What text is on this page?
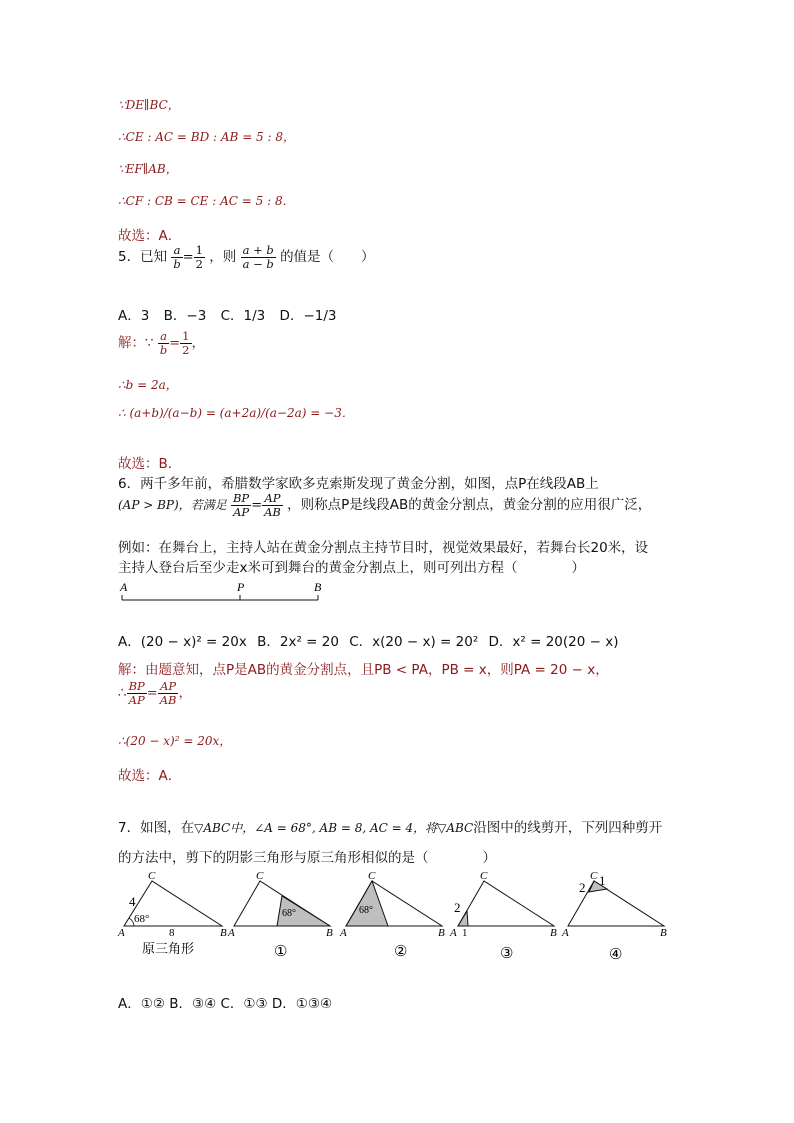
∵DE∥BC，
∴CE : AC = BD : AB = 5 : 8，
∵EF∥AB，
∴CF : CB = CE : AC = 5 : 8．
故选：A．
5．已知 $\frac{a}{b} = \frac{1}{2}$ ，则 $\frac{a + b}{a - b}$ 的值是（　　）
A．3 B．−3 C．1/3 D．−1/3
解：∵ $\frac{a}{b} = \frac{1}{2}$ ，
∴b = 2a，
∴ (a+b)/(a−b) = (a+2a)/(a−2a) = −3．
故选：B．
6．两千多年前，希腊数学家欧多克索斯发现了黄金分割，如图，点P在线段AB上
(AP > BP)，若满足 $\frac{BP}{AP} = \frac{AP}{AB}$ ，则称点P是线段AB的黄金分割点，黄金分割的应用很广泛，
例如：在舞台上，主持人站在黄金分割点主持节目时，视觉效果最好，若舞台长20米，设
主持人登台后至少走x米可到舞台的黄金分割点上，则可列出方程（　　　　）
A	P	B
A．(20 − x)² = 20x B．2x² = 20 C．x(20 − x) = 20² D．x² = 20(20 − x)
解：由题意知，点P是AB的黄金分割点，且PB < PA，PB = x，则PA = 20 − x，
∴ $\frac{BP}{AP} = \frac{AP}{AB}$ ，
∴(20 − x)² = 20x，
故选：A．
7．如图，在▽ABC中，∠A = 68°, AB = 8, AC = 4，将▽ABC沿图中的线剪开，下列四种剪开
的方法中，剪下的阴影三角形与原三角形相似的是（　　　　）
C
A	B
4
68°
8
C
A	B
68°
C
A	B
68°
C
A	B
2
1
C
A	B
2 1
原三角形	①	②	③	④
A．①② B．③④ C．①③ D．①③④
